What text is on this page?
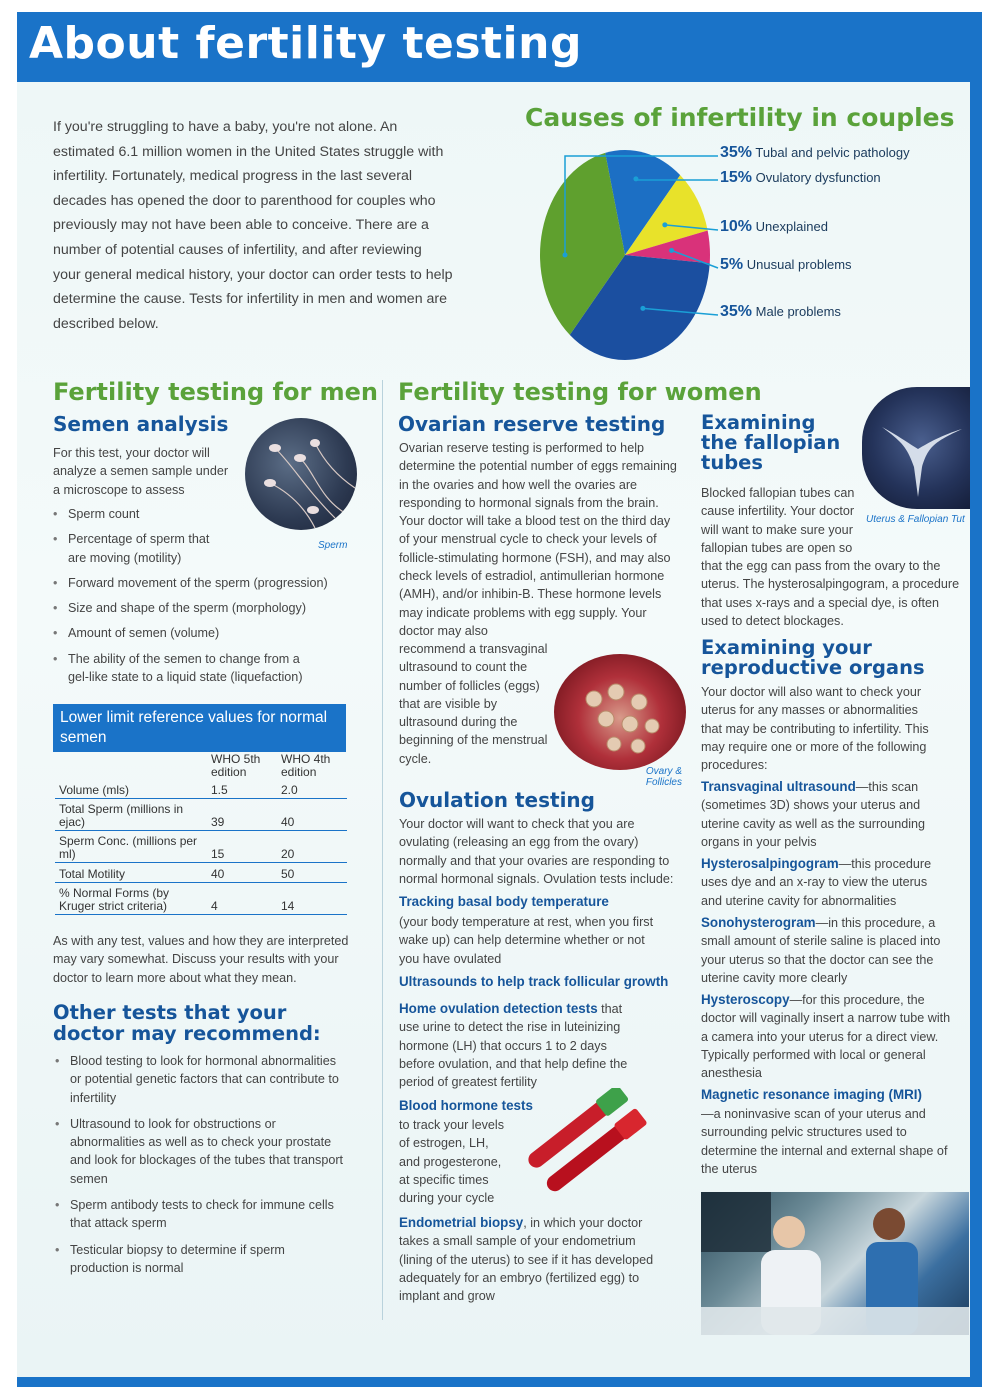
About fertility testing

If you're struggling to have a baby, you're not alone. An estimated 6.1 million women in the United States struggle with infertility. Fortunately, medical progress in the last several decades has opened the door to parenthood for couples who previously may not have been able to conceive. There are a number of potential causes of infertility, and after reviewing your general medical history, your doctor can order tests to help determine the cause. Tests for infertility in men and women are described below.

Causes of infertility in couples
35% Tubal and pelvic pathology
15% Ovulatory dysfunction
10% Unexplained
5% Unusual problems
35% Male problems
Fertility testing for men
Semen analysis

For this test, your doctor will analyze a semen sample under a microscope to assess

Sperm
• Sperm count
• Percentage of sperm that are moving (motility)
• Forward movement of the sperm (progression)
• Size and shape of the sperm (morphology)
• Amount of semen (volume)
• The ability of the semen to change from a gel-like state to a liquid state (liquefaction)
Lower limit reference values for normal semen
	WHO 5th edition	WHO 4th edition
Volume (mls)	1.5	2.0
Total Sperm (millions in ejac)	39	40
Sperm Conc. (millions per ml)	15	20
Total Motility	40	50
% Normal Forms (by Kruger strict criteria)	4	14

As with any test, values and how they are interpreted may vary somewhat. Discuss your results with your doctor to learn more about what they mean.

Other tests that your doctor may recommend:
• Blood testing to look for hormonal abnormalities or potential genetic factors that can contribute to infertility
• Ultrasound to look for obstructions or abnormalities as well as to check your prostate and look for blockages of the tubes that transport semen
• Sperm antibody tests to check for immune cells that attack sperm
• Testicular biopsy to determine if sperm production is normal
Fertility testing for women
Ovarian reserve testing

Ovarian reserve testing is performed to help determine the potential number of eggs remaining in the ovaries and how well the ovaries are responding to hormonal signals from the brain. Your doctor will take a blood test on the third day of your menstrual cycle to check your levels of follicle-stimulating hormone (FSH), and may also check levels of estradiol, antimullerian hormone (AMH), and/or inhibin-B. These hormone levels may indicate problems with egg supply. Your doctor may also

recommend a transvaginal ultrasound to count the number of follicles (eggs) that are visible by ultrasound during the beginning of the menstrual cycle.

Ovary & Follicles
Ovulation testing

Your doctor will want to check that you are ovulating (releasing an egg from the ovary) normally and that your ovaries are responding to normal hormonal signals. Ovulation tests include:

Tracking basal body temperature

(your body temperature at rest, when you first wake up) can help determine whether or not you have ovulated

Ultrasounds to help track follicular growth

Home ovulation detection tests that use urine to detect the rise in luteinizing hormone (LH) that occurs 1 to 2 days before ovulation, and that help define the period of greatest fertility

Blood hormone tests

to track your levels of estrogen, LH, and progesterone, at specific times during your cycle

Endometrial biopsy, in which your doctor takes a small sample of your endometrium (lining of the uterus) to see if it has developed adequately for an embryo (fertilized egg) to implant and grow

Examining the fallopian tubes
Uterus & Fallopian Tut

Blocked fallopian tubes can cause infertility. Your doctor will want to make sure your fallopian tubes are open so that the egg can pass from the ovary to the uterus. The hysterosalpingogram, a procedure that uses x-rays and a special dye, is often used to detect blockages.

Examining your reproductive organs

Your doctor will also want to check your uterus for any masses or abnormalities that may be contributing to infertility. This may require one or more of the following procedures:

Transvaginal ultrasound—this scan (sometimes 3D) shows your uterus and uterine cavity as well as the surrounding organs in your pelvis

Hysterosalpingogram—this procedure uses dye and an x-ray to view the uterus and uterine cavity for abnormalities

Sonohysterogram—in this procedure, a small amount of sterile saline is placed into your uterus so that the doctor can see the uterine cavity more clearly

Hysteroscopy—for this procedure, the doctor will vaginally insert a narrow tube with a camera into your uterus for a direct view. Typically performed with local or general anesthesia

Magnetic resonance imaging (MRI)

—a noninvasive scan of your uterus and surrounding pelvic structures used to determine the internal and external shape of the uterus
